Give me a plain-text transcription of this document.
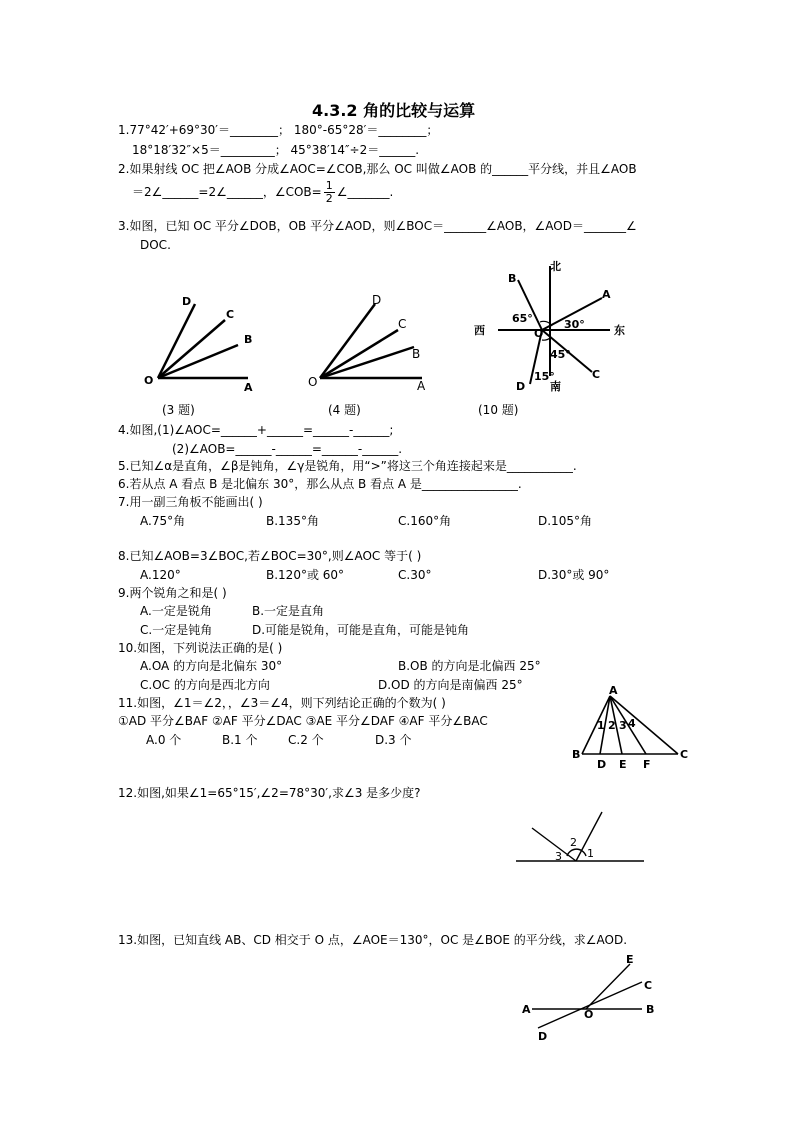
4.3.2 角的比较与运算
1.77°42′+69°30′＝________； 180°-65°28′＝________；
18°18′32″×5＝_________； 45°38′14″÷2＝______.
2.如果射线 OC 把∠AOB 分成∠AOC=∠COB,那么 OC 叫做∠AOB 的______平分线，并且∠AOB
＝2∠______=2∠______，∠COB= $\frac{1}{2}$ ∠_______.
3.如图，已知 OC 平分∠DOB，OB 平分∠AOD，则∠BOC＝_______∠AOB，∠AOD＝_______∠
DOC.
D
C
B
O
A
(3 题)
D
C
B
O	A
(4 题)
北
西	东
南
B
A
O
C
D
65°	30°
45°
15°
(10 题)
4.如图,(1)∠AOC=______+______=______-______;
(2)∠AOB=______-______=______-______.
5.已知∠α是直角，∠β是钝角，∠γ是锐角，用“>”将这三个角连接起来是___________.
6.若从点 A 看点 B 是北偏东 30°，那么从点 B 看点 A 是________________.
7.用一副三角板不能画出( )
A.75°角	B.135°角	C.160°角	D.105°角
8.已知∠AOB=3∠BOC,若∠BOC=30°,则∠AOC 等于( )
A.120°	B.120°或 60°	C.30°	D.30°或 90°
9.两个锐角之和是( )
A.一定是锐角	B.一定是直角
C.一定是钝角	D.可能是锐角，可能是直角，可能是钝角
10.如图，下列说法正确的是( )
A.OA 的方向是北偏东 30°	B.OB 的方向是北偏西 25°
C.OC 的方向是西北方向	D.OD 的方向是南偏西 25°
11.如图，∠1＝∠2，，∠3＝∠4，则下列结论正确的个数为( )
①AD 平分∠BAF ②AF 平分∠DAC ③AE 平分∠DAF ④AF 平分∠BAC
A.0 个	B.1 个	C.2 个	D.3 个
A
1 2 3 4
B
D E F
C
12.如图,如果∠1=65°15′,∠2=78°30′,求∠3 是多少度?
2
3 1
13.如图，已知直线 AB、CD 相交于 O 点，∠AOE＝130°，OC 是∠BOE 的平分线，求∠AOD.
E
C
A	O	B
D
